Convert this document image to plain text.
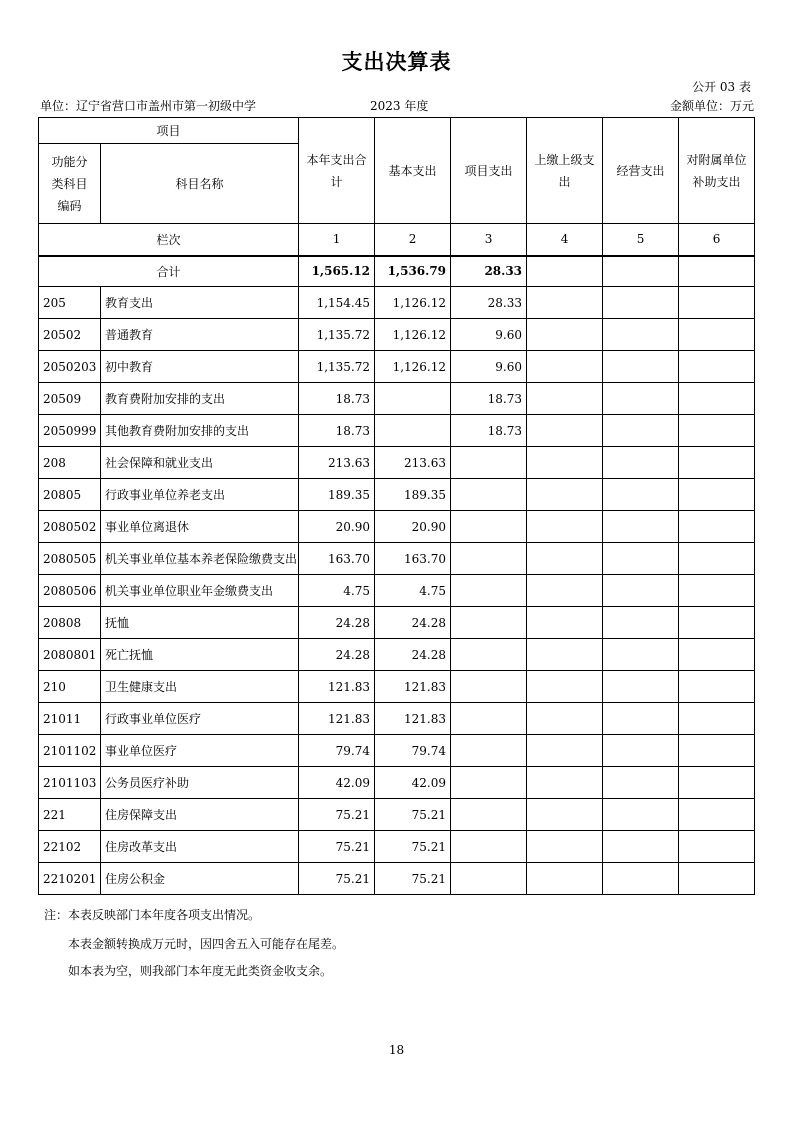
支出决算表
公开 03 表
单位：辽宁省营口市盖州市第一初级中学	2023 年度	金额单位：万元
项目		本年支出合计	基本支出	项目支出	上缴上级支出	经营支出	对附属单位补助支出
功能分类科目编码	科目名称						
栏次		1	2	3	4	5	6
合计		1,565.12	1,536.79	28.33			
205	教育支出	1,154.45	1,126.12	28.33			
20502	普通教育	1,135.72	1,126.12	9.60			
2050203	初中教育	1,135.72	1,126.12	9.60			
20509	教育费附加安排的支出	18.73		18.73			
2050999	其他教育费附加安排的支出	18.73		18.73			
208	社会保障和就业支出	213.63	213.63				
20805	行政事业单位养老支出	189.35	189.35				
2080502	事业单位离退休	20.90	20.90				
2080505	机关事业单位基本养老保险缴费支出	163.70	163.70				
2080506	机关事业单位职业年金缴费支出	4.75	4.75				
20808	抚恤	24.28	24.28				
2080801	死亡抚恤	24.28	24.28				
210	卫生健康支出	121.83	121.83				
21011	行政事业单位医疗	121.83	121.83				
2101102	事业单位医疗	79.74	79.74				
2101103	公务员医疗补助	42.09	42.09				
221	住房保障支出	75.21	75.21				
22102	住房改革支出	75.21	75.21				
2210201	住房公积金	75.21	75.21				
注：本表反映部门本年度各项支出情况。
本表金额转换成万元时，因四舍五入可能存在尾差。
如本表为空，则我部门本年度无此类资金收支余。
18
